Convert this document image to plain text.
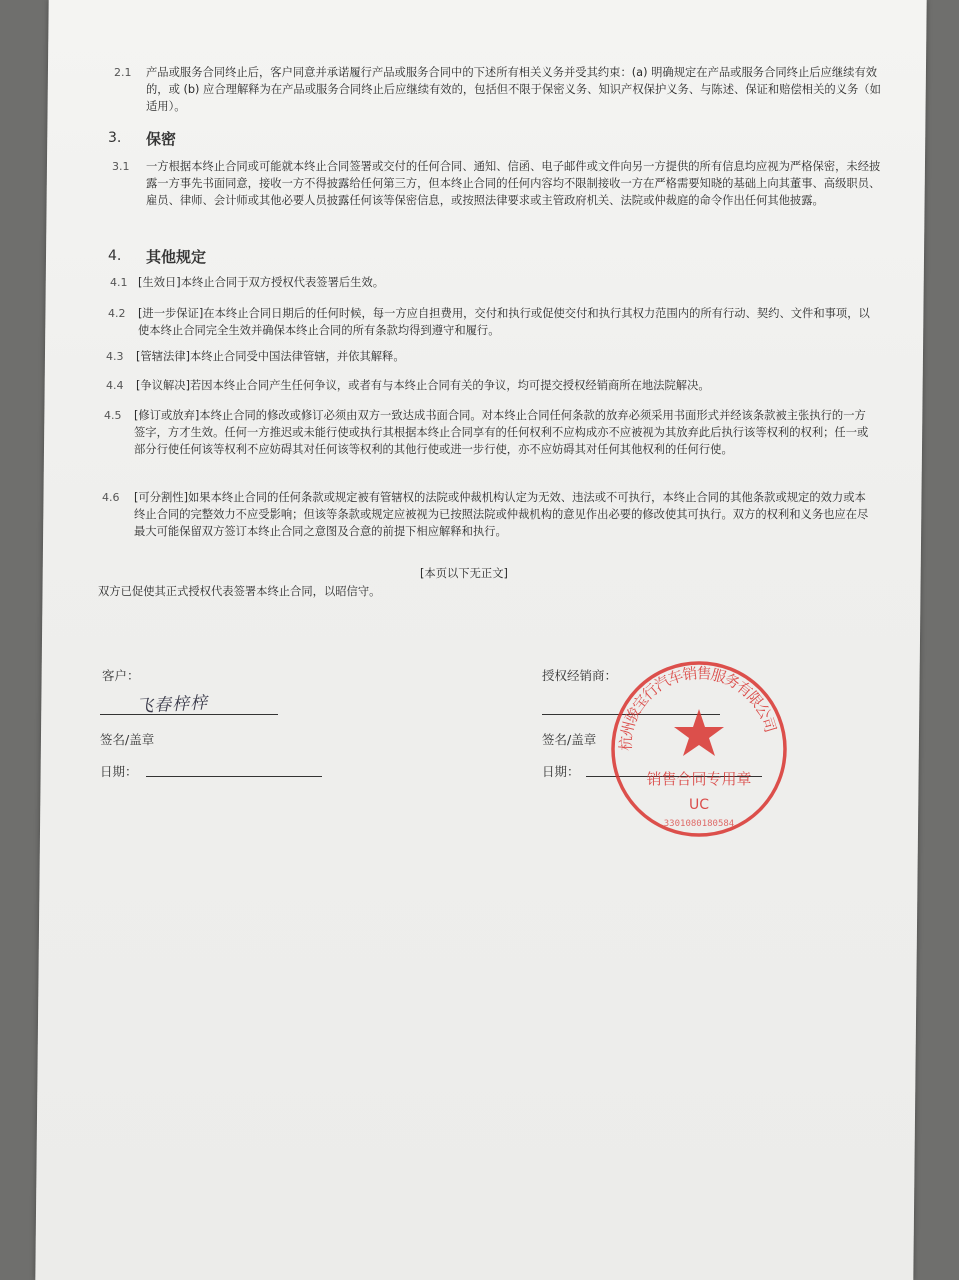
2.1 产品或服务合同终止后，客户同意并承诺履行产品或服务合同中的下述所有相关义务并受其约束：(a) 明确规定在产品或服务合同终止后应继续有效的，或 (b) 应合理解释为在产品或服务合同终止后应继续有效的，包括但不限于保密义务、知识产权保护义务、与陈述、保证和赔偿相关的义务（如适用）。
3. 保密
3.1 一方根据本终止合同或可能就本终止合同签署或交付的任何合同、通知、信函、电子邮件或文件向另一方提供的所有信息均应视为严格保密，未经披露一方事先书面同意，接收一方不得披露给任何第三方，但本终止合同的任何内容均不限制接收一方在严格需要知晓的基础上向其董事、高级职员、雇员、律师、会计师或其他必要人员披露任何该等保密信息，或按照法律要求或主管政府机关、法院或仲裁庭的命令作出任何其他披露。
4. 其他规定
4.1 [生效日]本终止合同于双方授权代表签署后生效。
4.2 [进一步保证]在本终止合同日期后的任何时候，每一方应自担费用，交付和执行或促使交付和执行其权力范围内的所有行动、契约、文件和事项，以使本终止合同完全生效并确保本终止合同的所有条款均得到遵守和履行。
4.3 [管辖法律]本终止合同受中国法律管辖，并依其解释。
4.4 [争议解决]若因本终止合同产生任何争议，或者有与本终止合同有关的争议，均可提交授权经销商所在地法院解决。
4.5 [修订或放弃]本终止合同的修改或修订必须由双方一致达成书面合同。对本终止合同任何条款的放弃必须采用书面形式并经该条款被主张执行的一方签字，方才生效。任何一方推迟或未能行使或执行其根据本终止合同享有的任何权利不应构成亦不应被视为其放弃此后执行该等权利的权利；任一或部分行使任何该等权利不应妨碍其对任何该等权利的其他行使或进一步行使，亦不应妨碍其对任何其他权利的任何行使。
4.6 [可分割性]如果本终止合同的任何条款或规定被有管辖权的法院或仲裁机构认定为无效、违法或不可执行，本终止合同的其他条款或规定的效力或本终止合同的完整效力不应受影响；但该等条款或规定应被视为已按照法院或仲裁机构的意见作出必要的修改使其可执行。双方的权利和义务也应在尽最大可能保留双方签订本终止合同之意图及合意的前提下相应解释和执行。
[本页以下无正文]
双方已促使其正式授权代表签署本终止合同，以昭信守。
客户：
飞春梓梓
签名/盖章
日期：
授权经销商：
签名/盖章
日期：
杭州骏宝行汽车销售服务有限公司
销售合同专用章
UC
3301080180584
